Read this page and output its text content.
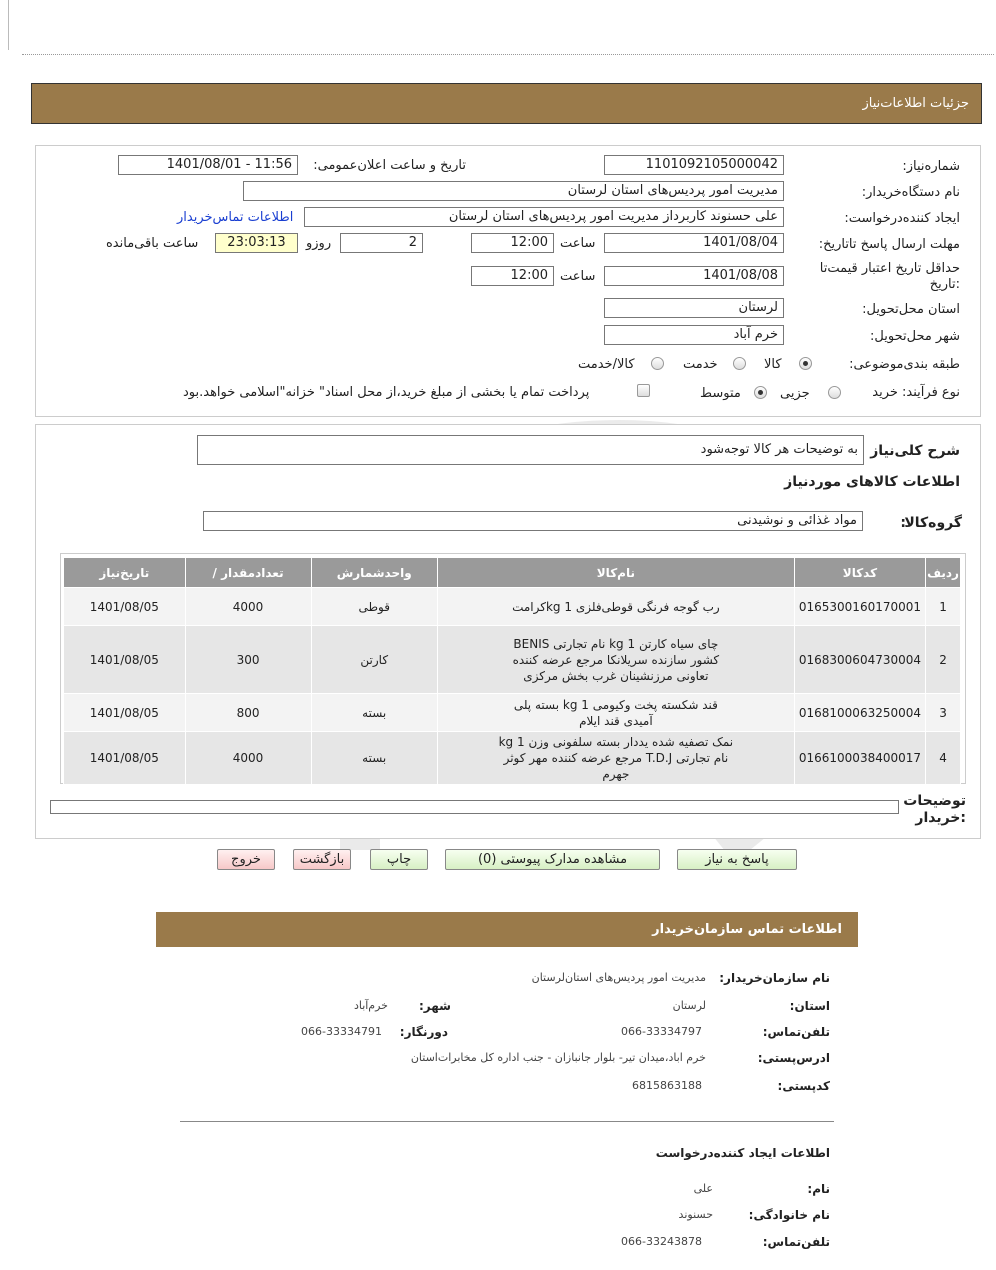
جزئیات اطلاعات‌نیاز
شماره‌نیاز:
1101092105000042
تاریخ و ساعت اعلان‌عمومی:
1401/08/01 - 11:56
نام دستگاه‌خریدار:
مدیریت امور پردیس‌های استان لرستان
ایجاد کننده‌درخواست:
علی حسنوند کاربرداز مدیریت امور پردیس‌های استان لرستان
اطلاعات تماس‌خریدار
مهلت ارسال پاسخ تا‌تاریخ:
1401/08/04
ساعت
12:00
2
روزو
23:03:13
ساعت باقی‌مانده
حداقل تاریخ اعتبار قیمت‌تا
:تاریخ
1401/08/08
ساعت
12:00
استان محل‌تحویل:
لرستان
شهر محل‌تحویل:
خرم آباد
طبقه بندی‌موضوعی:
کالا
خدمت
کالا/خدمت
نوع فرآیند: خرید
جزیی
متوسط
پرداخت تمام یا بخشی از مبلغ خرید،از محل اسناد" خزانه"اسلامی خواهد.بود
شرح کلی‌نیاز
به توضیحات هر کالا توجه‌شود
اطلاعات کالاهای موردنیاز
گروه‌کالا
:
مواد غذائی و نوشیدنی
ردیف	کدکالا	نام‌کالا	واحدشمارش	تعدادمقدار /	تاریخ‌نیاز
1	0165300160170001	رب گوجه فرنگی قوطی‌فلزی 1 kgکرامت	قوطی	4000	1401/08/05
2	0168300604730004	چای سیاه کارتن 1 kg نام تجارتی BENIS کشور سازنده سریلانکا مرجع عرضه کننده تعاونی مرزنشینان غرب بخش مرکزی	کارتن	300	1401/08/05
3	0168100063250004	قند شکسته پخت وکیومی 1 kg بسته پلی آمیدی قند ایلام	بسته	800	1401/08/05
4	0166100038400017	نمک تصفیه شده یددار بسته سلفونی وزن 1 kg نام تجارتی T.D.J مرجع عرضه کننده مهر کوثر جهرم	بسته	4000	1401/08/05
توضیحات
:خریدار
پاسخ به نیاز
مشاهده مدارک پیوستی (0)
چاپ
بازگشت
خروج
اطلاعات تماس سازمان‌خریدار
نام سازمان‌خریدار:
مدیریت امور پردیس‌های استان‌لرستان
استان:
لرستان
شهر:
خرم‌آباد
تلفن‌تماس:
066-33334797
دورنگار:
066-33334791
ادرس‌پستی:
خرم اباد،میدان تیر- بلوار جانبازان - جنب اداره کل مخابرات‌استان
کد‌پستی:
6815863188
اطلاعات ایجاد کننده‌درخواست
نام:
علی
نام خانوادگی:
حسنوند
تلفن‌تماس:
066-33243878
